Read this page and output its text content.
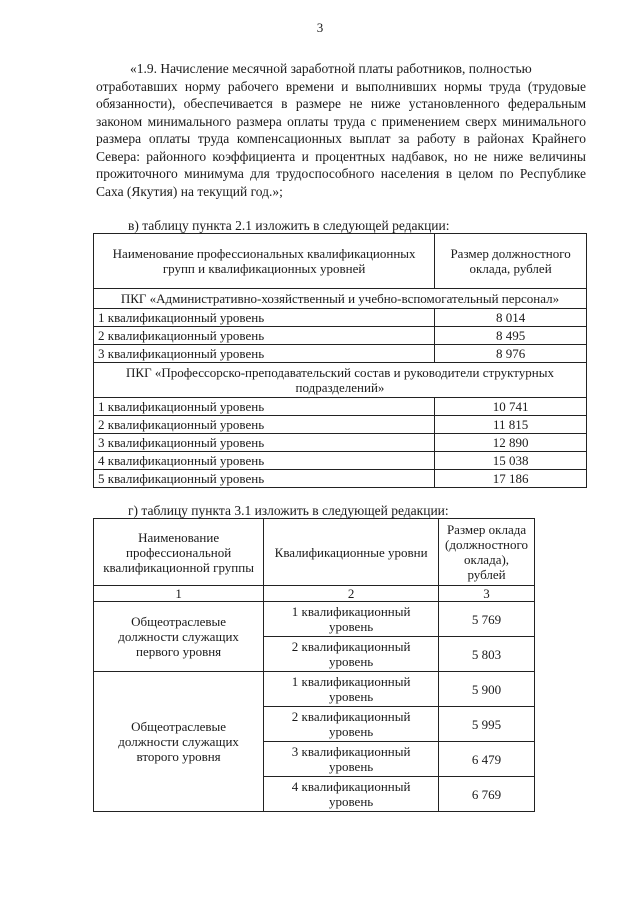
3
«1.9. Начисление месячной заработной платы работников, полностью
отработавших норму рабочего времени и выполнивших нормы труда (трудовые обязанности), обеспечивается в размере не ниже установленного федеральным законом минимального размера оплаты труда с применением сверх минимального размера оплаты труда компенсационных выплат за работу в районах Крайнего Севера: районного коэффициента и процентных надбавок, но не ниже величины прожиточного минимума для трудоспособного населения в целом по Республике Саха (Якутия) на текущий год.»;
в) таблицу пункта 2.1 изложить в следующей редакции:
Наименование профессиональных квалификационных групп и квалификационных уровней	Размер должностного оклада, рублей
ПКГ «Административно-хозяйственный и учебно-вспомогательный персонал»	
1 квалификационный уровень	8 014
2 квалификационный уровень	8 495
3 квалификационный уровень	8 976
ПКГ «Профессорско-преподавательский состав и руководители структурных подразделений»	
1 квалификационный уровень	10 741
2 квалификационный уровень	11 815
3 квалификационный уровень	12 890
4 квалификационный уровень	15 038
5 квалификационный уровень	17 186
г) таблицу пункта 3.1 изложить в следующей редакции:
Наименование профессиональной квалификационной группы	Квалификационные уровни	Размер оклада (должностного оклада), рублей
1	2	3
Общеотраслевые должности служащих первого уровня	1 квалификационный уровень	5 769
	2 квалификационный уровень	5 803
Общеотраслевые должности служащих второго уровня	1 квалификационный уровень	5 900
	2 квалификационный уровень	5 995
	3 квалификационный уровень	6 479
	4 квалификационный уровень	6 769
